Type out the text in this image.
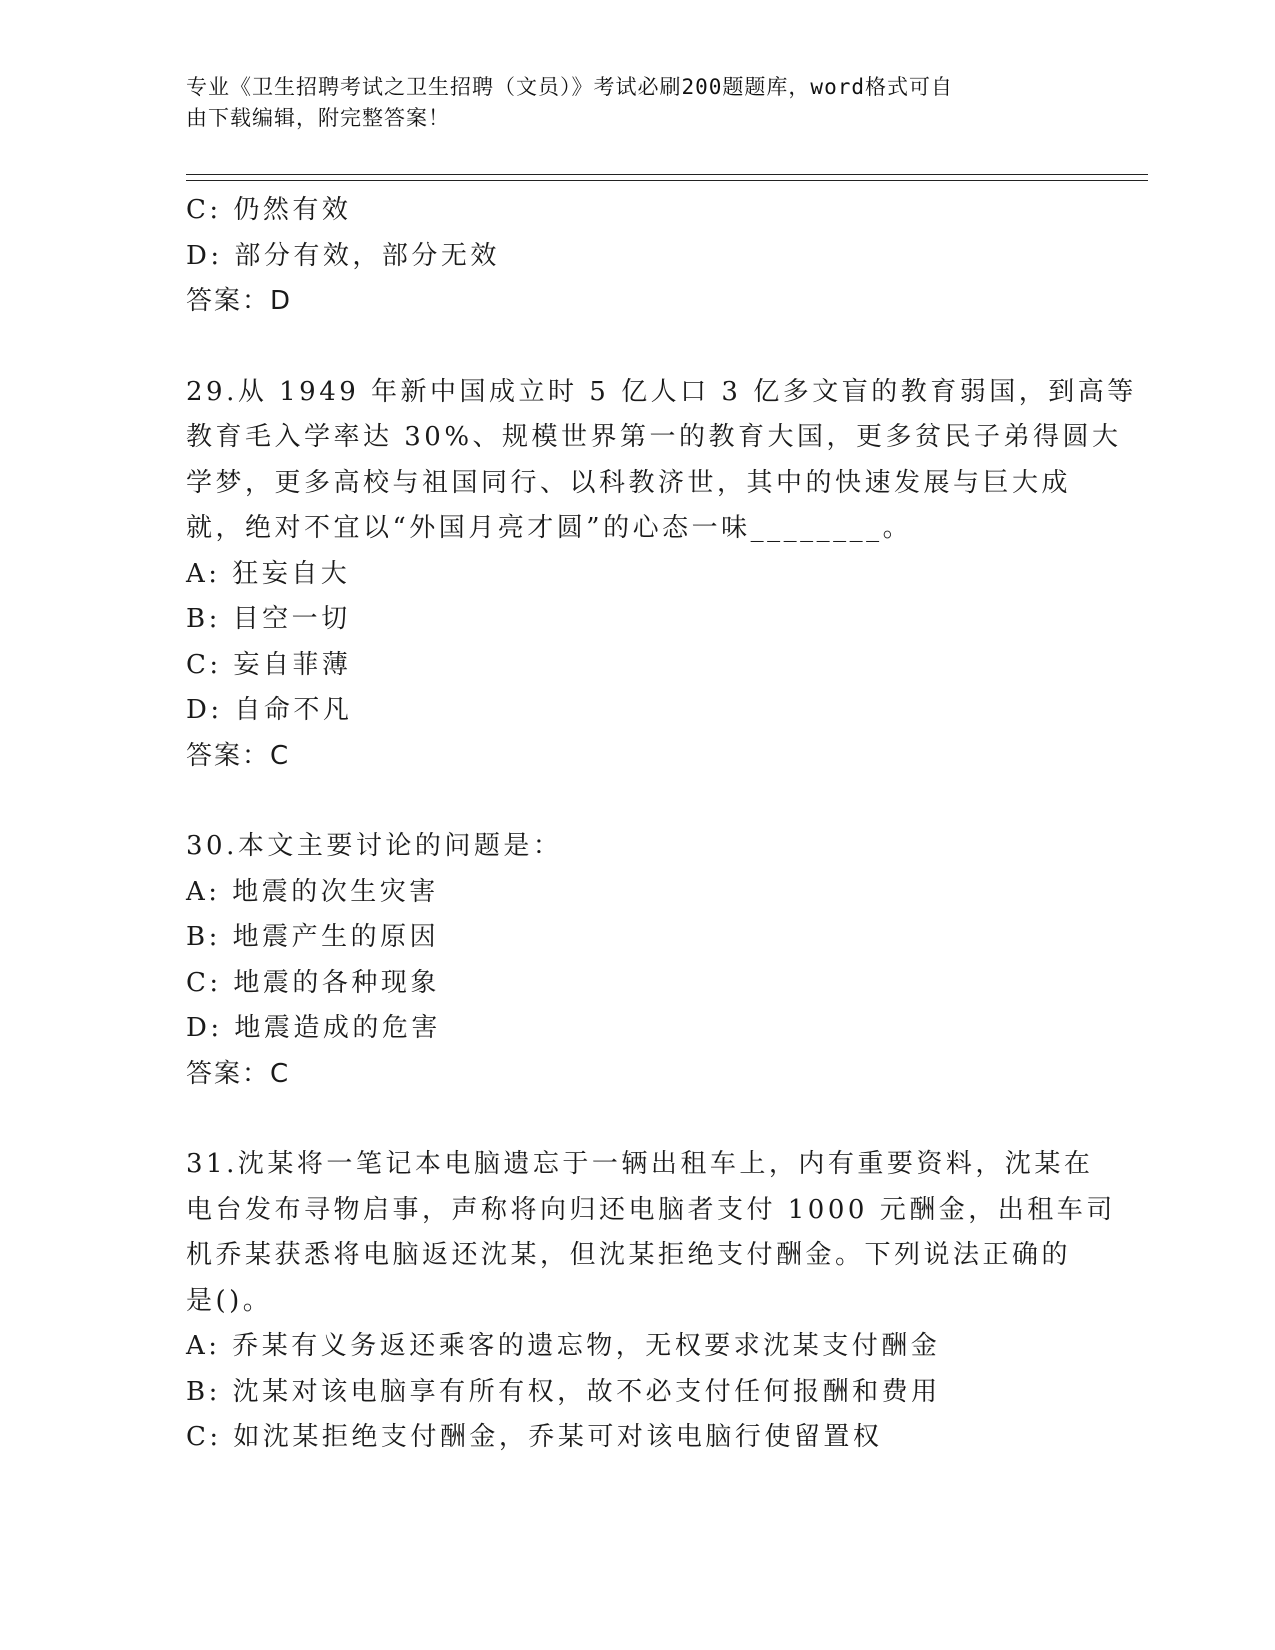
专业《卫生招聘考试之卫生招聘（文员）》考试必刷200题题库，word格式可自
由下载编辑，附完整答案！
C: 仍然有效
D: 部分有效，部分无效
答案：D
29.从 1949 年新中国成立时 5 亿人口 3 亿多文盲的教育弱国，到高等
教育毛入学率达 30%、规模世界第一的教育大国，更多贫民子弟得圆大
学梦，更多高校与祖国同行、以科教济世，其中的快速发展与巨大成
就，绝对不宜以“外国月亮才圆”的心态一味________。
A: 狂妄自大
B: 目空一切
C: 妄自菲薄
D: 自命不凡
答案：C
30.本文主要讨论的问题是：
A: 地震的次生灾害
B: 地震产生的原因
C: 地震的各种现象
D: 地震造成的危害
答案：C
31.沈某将一笔记本电脑遗忘于一辆出租车上，内有重要资料，沈某在
电台发布寻物启事，声称将向归还电脑者支付 1000 元酬金，出租车司
机乔某获悉将电脑返还沈某，但沈某拒绝支付酬金。下列说法正确的
是()。
A: 乔某有义务返还乘客的遗忘物，无权要求沈某支付酬金
B: 沈某对该电脑享有所有权，故不必支付任何报酬和费用
C: 如沈某拒绝支付酬金，乔某可对该电脑行使留置权
